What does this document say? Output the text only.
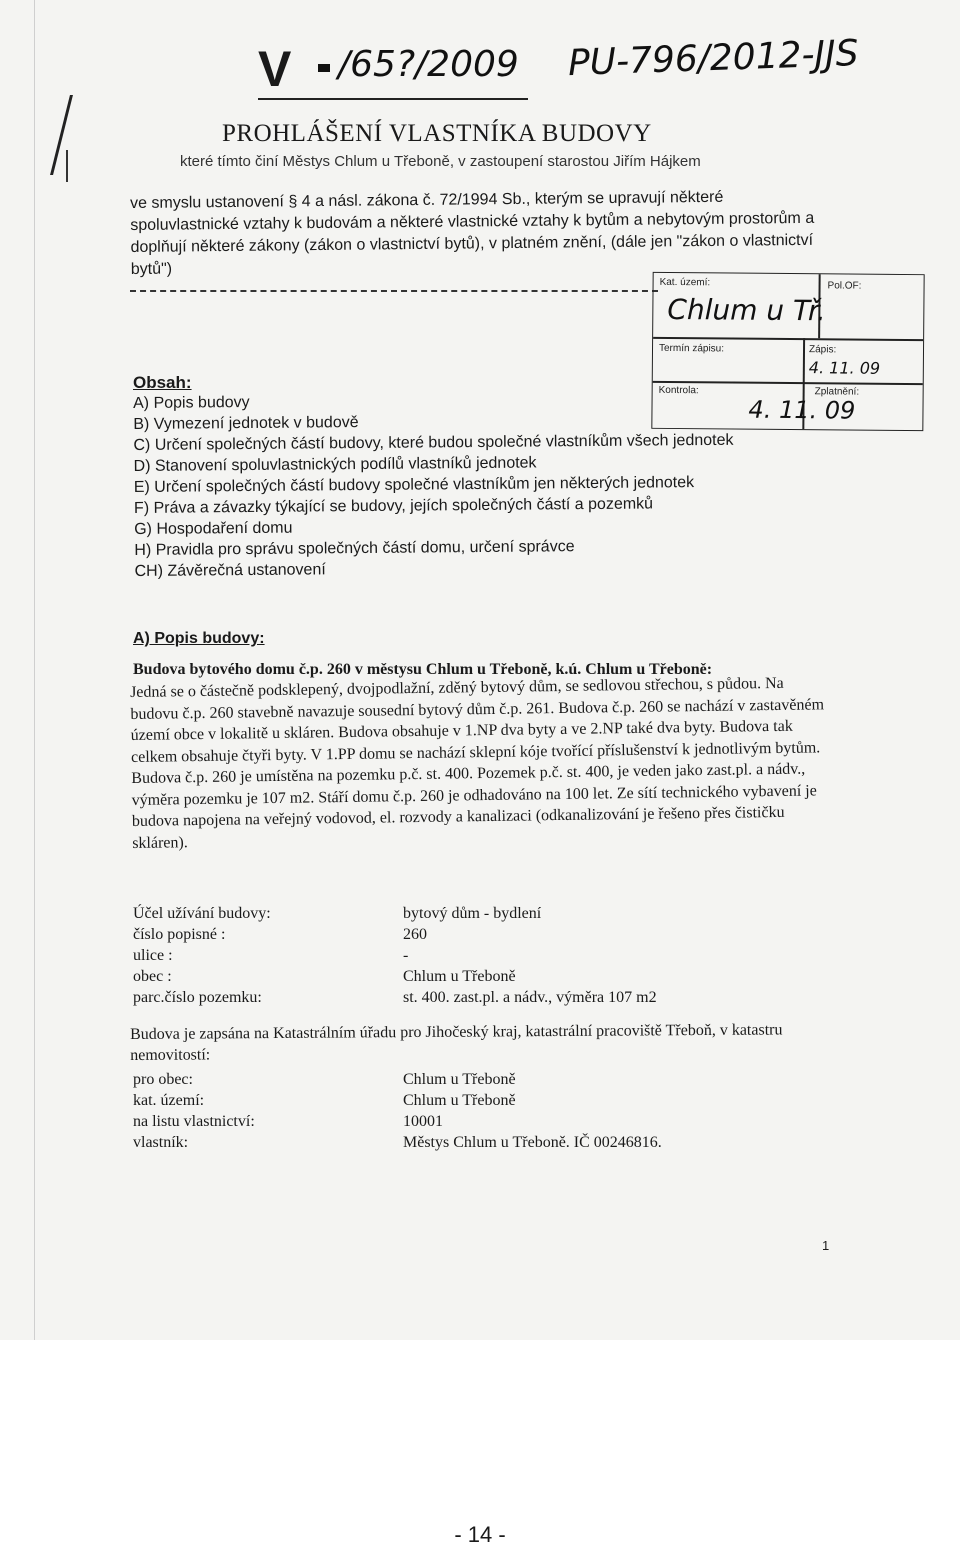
V /65?/2009 PU-796/2012-JJS
PROHLÁŠENÍ VLASTNÍKA BUDOVY
které tímto činí Městys Chlum u Třeboně, v zastoupení starostou Jiřím Hájkem
ve smyslu ustanovení § 4 a násl. zákona č. 72/1994 Sb., kterým se upravují některé spoluvlastnické vztahy k budovám a některé vlastnické vztahy k bytům a nebytovým prostorům a doplňují některé zákony (zákon o vlastnictví bytů), v platném znění, (dále jen "zákon o vlastnictví bytů")
Kat. území:	Pol.OF:
Chlum u Tř.
Termín zápisu:	Zápis:
4. 11. 09
Kontrola:	Zplatnění:
4. 11. 09
Obsah:
A) Popis budovy
B) Vymezení jednotek v budově
C) Určení společných částí budovy, které budou společné vlastníkům všech jednotek
D) Stanovení spoluvlastnických podílů vlastníků jednotek
E) Určení společných částí budovy společné vlastníkům jen některých jednotek
F) Práva a závazky týkající se budovy, jejích společných částí a pozemků
G) Hospodaření domu
H) Pravidla pro správu společných částí domu, určení správce
CH) Závěrečná ustanovení
A) Popis budovy:
Budova bytového domu č.p. 260 v městysu Chlum u Třeboně, k.ú. Chlum u Třeboně:
Jedná se o částečně podsklepený, dvojpodlažní, zděný bytový dům, se sedlovou střechou, s půdou. Na budovu č.p. 260 stavebně navazuje sousední bytový dům č.p. 261. Budova č.p. 260 se nachází v zastavěném území obce v lokalitě u skláren. Budova obsahuje v 1.NP dva byty a ve 2.NP také dva byty. Budova tak celkem obsahuje čtyři byty. V 1.PP domu se nachází sklepní kóje tvořící příslušenství k jednotlivým bytům. Budova č.p. 260 je umístěna na pozemku p.č. st. 400. Pozemek p.č. st. 400, je veden jako zast.pl. a nádv., výměra pozemku je 107 m2. Stáří domu č.p. 260 je odhadováno na 100 let. Ze sítí technického vybavení je budova napojena na veřejný vodovod, el. rozvody a kanalizaci (odkanalizování je řešeno přes čističku skláren).
Účel užívání budovy:	bytový dům - bydlení
číslo popisné :	260
ulice :	-
obec :	Chlum u Třeboně
parc.číslo pozemku:	st. 400. zast.pl. a nádv., výměra 107 m2
Budova je zapsána na Katastrálním úřadu pro Jihočeský kraj, katastrální pracoviště Třeboň, v katastru nemovitostí:
pro obec:	Chlum u Třeboně
kat. území:	Chlum u Třeboně
na listu vlastnictví:	10001
vlastník:	Městys Chlum u Třeboně. IČ 00246816.
1
- 14 -
